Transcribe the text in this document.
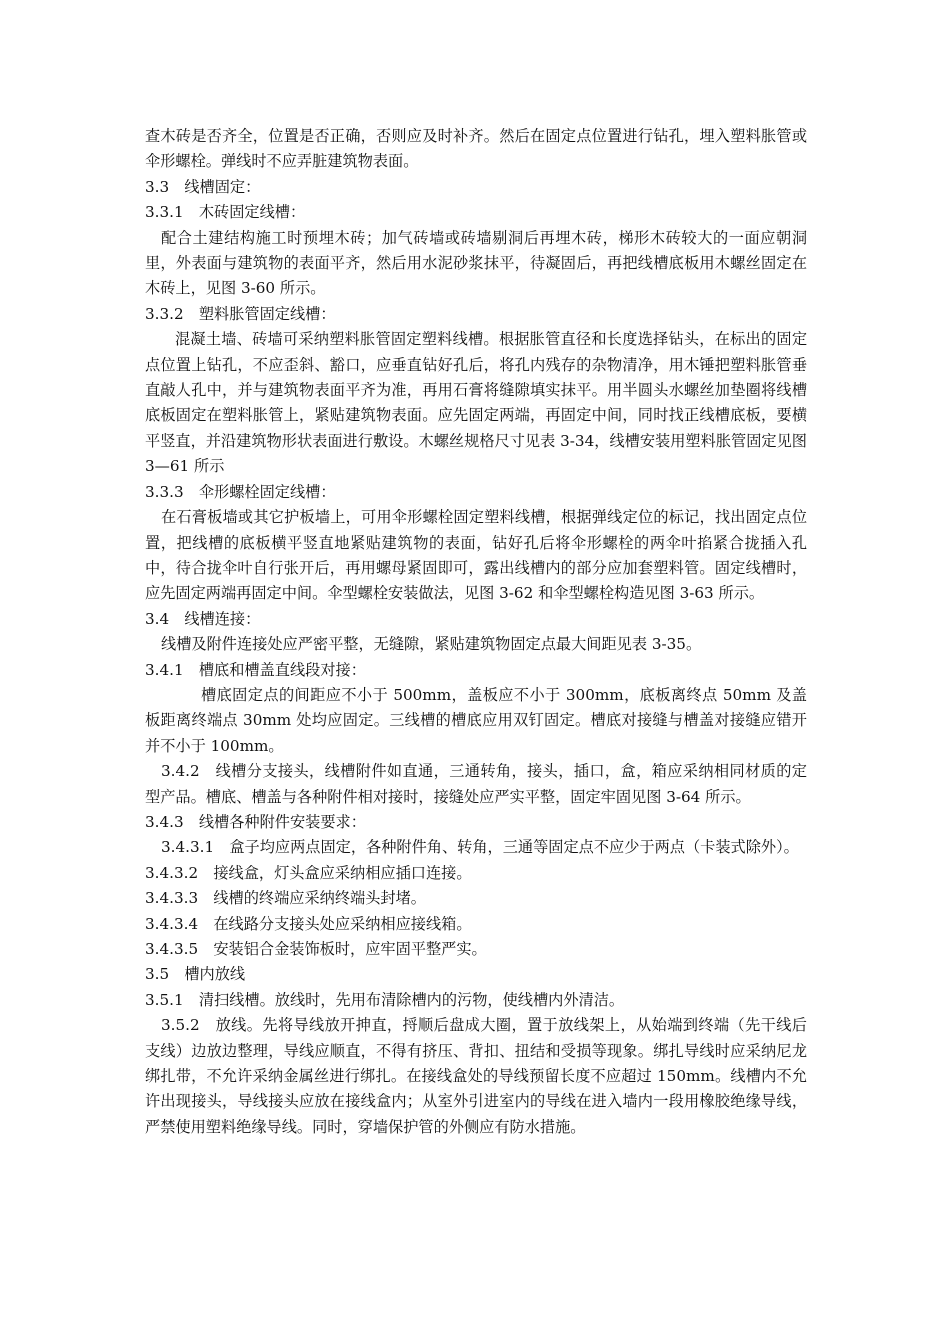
查木砖是否齐全，位置是否正确，否则应及时补齐。然后在固定点位置进行钻孔，埋入塑料胀管或伞形螺栓。弹线时不应弄脏建筑物表面。

3.3　线槽固定：

3.3.1　木砖固定线槽：

配合土建结构施工时预埋木砖；加气砖墙或砖墙剔洞后再埋木砖，梯形木砖较大的一面应朝洞里，外表面与建筑物的表面平齐，然后用水泥砂浆抹平，待凝固后，再把线槽底板用木螺丝固定在木砖上，见图 3-60 所示。

3.3.2　塑料胀管固定线槽：

混凝土墙、砖墙可采纳塑料胀管固定塑料线槽。根据胀管直径和长度选择钻头，在标出的固定点位置上钻孔，不应歪斜、豁口，应垂直钻好孔后，将孔内残存的杂物清净，用木锤把塑料胀管垂直敲人孔中，并与建筑物表面平齐为准，再用石膏将缝隙填实抹平。用半圆头水螺丝加垫圈将线槽底板固定在塑料胀管上，紧贴建筑物表面。应先固定两端，再固定中间，同时找正线槽底板，要横平竖直，并沿建筑物形状表面进行敷设。木螺丝规格尺寸见表 3-34，线槽安装用塑料胀管固定见图 3—61 所示

3.3.3　伞形螺栓固定线槽：

在石膏板墙或其它护板墙上，可用伞形螺栓固定塑料线槽，根据弹线定位的标记，找出固定点位置，把线槽的底板横平竖直地紧贴建筑物的表面，钻好孔后将伞形螺栓的两伞叶掐紧合拢插入孔中，待合拢伞叶自行张开后，再用螺母紧固即可，露出线槽内的部分应加套塑料管。固定线槽时，应先固定两端再固定中间。伞型螺栓安装做法，见图 3-62 和伞型螺栓构造见图 3-63 所示。

3.4　线槽连接：

线槽及附件连接处应严密平整，无缝隙，紧贴建筑物固定点最大间距见表 3-35。

3.4.1　槽底和槽盖直线段对接：

槽底固定点的间距应不小于 500mm，盖板应不小于 300mm，底板离终点 50mm 及盖板距离终端点 30mm 处均应固定。三线槽的槽底应用双钉固定。槽底对接缝与槽盖对接缝应错开并不小于 100mm。

3.4.2　线槽分支接头，线槽附件如直通，三通转角，接头，插口，盒，箱应采纳相同材质的定型产品。槽底、槽盖与各种附件相对接时，接缝处应严实平整，固定牢固见图 3-64 所示。

3.4.3　线槽各种附件安装要求：

3.4.3.1　盒子均应两点固定，各种附件角、转角，三通等固定点不应少于两点（卡装式除外）。

3.4.3.2　接线盒，灯头盒应采纳相应插口连接。

3.4.3.3　线槽的终端应采纳终端头封堵。

3.4.3.4　在线路分支接头处应采纳相应接线箱。

3.4.3.5　安装铝合金装饰板时，应牢固平整严实。

3.5　槽内放线

3.5.1　清扫线槽。放线时，先用布清除槽内的污物，使线槽内外清洁。

3.5.2　放线。先将导线放开抻直，捋顺后盘成大圈，置于放线架上，从始端到终端（先干线后支线）边放边整理，导线应顺直，不得有挤压、背扣、扭结和受损等现象。绑扎导线时应采纳尼龙绑扎带，不允许采纳金属丝进行绑扎。在接线盒处的导线预留长度不应超过 150mm。线槽内不允许出现接头，导线接头应放在接线盒内；从室外引进室内的导线在进入墙内一段用橡胶绝缘导线，严禁使用塑料绝缘导线。同时，穿墙保护管的外侧应有防水措施。
